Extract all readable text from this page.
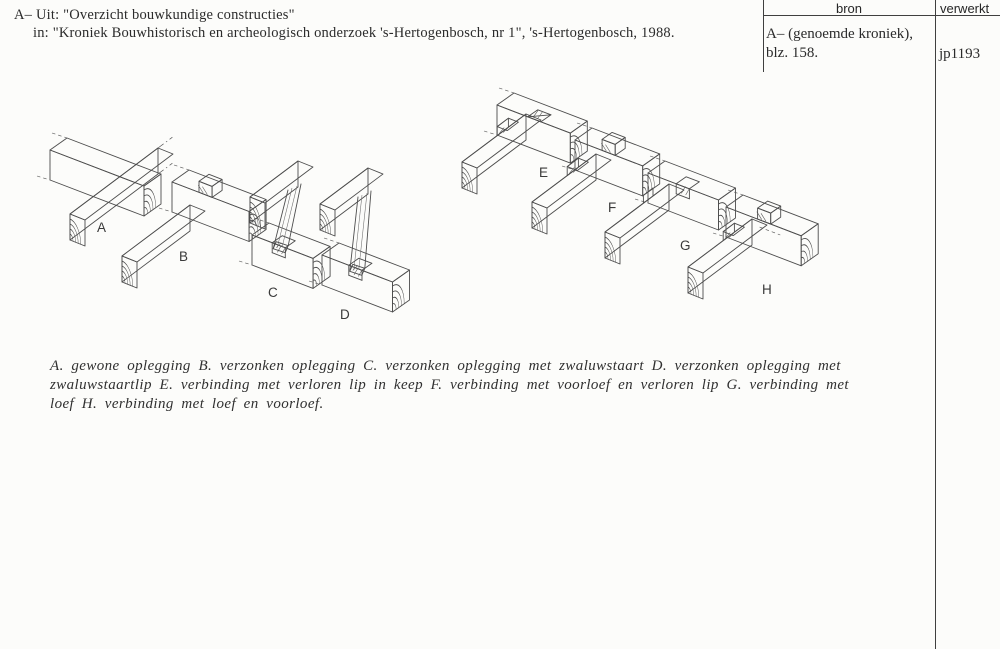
A– Uit: "Overzicht bouwkundige constructies"
in: "Kroniek Bouwhistorisch en archeologisch onderzoek 's-Hertogenbosch, nr 1", 's-Hertogenbosch, 1988.
bron	verwerkt
A– (genoemde kroniek),
blz. 158.	jp1193
A
B
C
D
E
F
G
H
A. gewone oplegging B. verzonken oplegging C. verzonken oplegging met zwaluwstaart D. verzonken oplegging met
zwaluwstaartlip E. verbinding met verloren lip in keep F. verbinding met voorloef en verloren lip G. verbinding met
loef H. verbinding met loef en voorloef.
